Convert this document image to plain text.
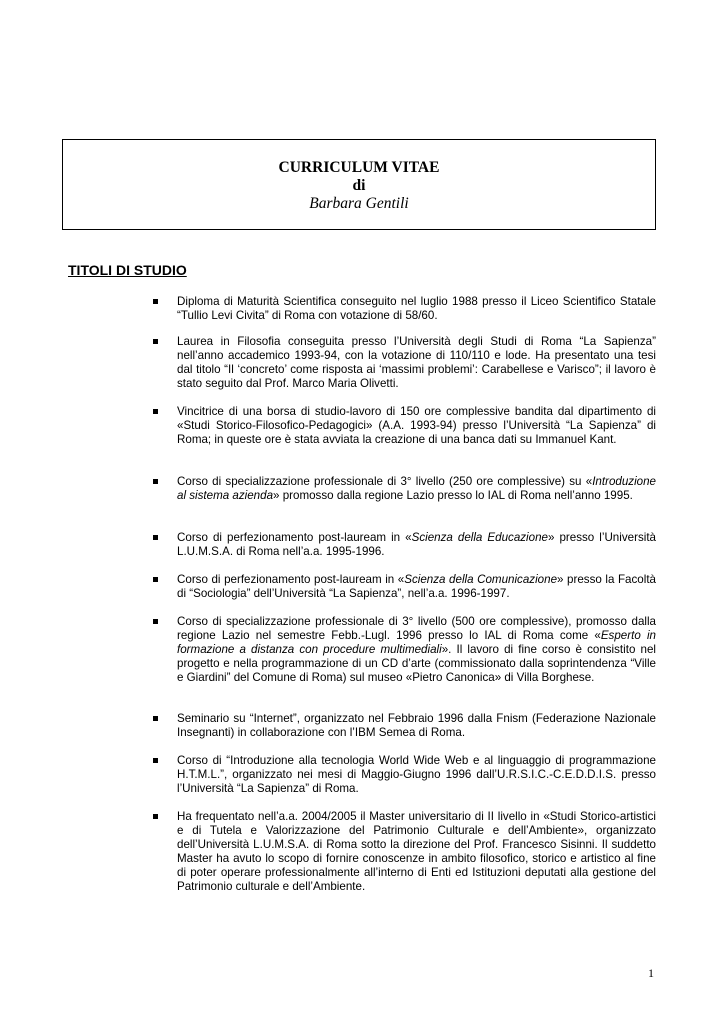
CURRICULUM VITAE
di
Barbara Gentili
TITOLI DI STUDIO
Diploma di Maturità Scientifica conseguito nel luglio 1988 presso il Liceo Scientifico Statale “Tullio Levi Civita” di Roma con votazione di 58/60.
Laurea in Filosofia conseguita presso l’Università degli Studi di Roma “La Sapienza” nell’anno accademico 1993-94, con la votazione di 110/110 e lode. Ha presentato una tesi dal titolo “Il ‘concreto’ come risposta ai ‘massimi problemi’: Carabellese e Varisco”; il lavoro è stato seguito dal Prof. Marco Maria Olivetti.
Vincitrice di una borsa di studio-lavoro di 150 ore complessive bandita dal dipartimento di «Studi Storico-Filosofico-Pedagogici» (A.A. 1993-94) presso l’Università “La Sapienza” di Roma; in queste ore è stata avviata la creazione di una banca dati su Immanuel Kant.
Corso di specializzazione professionale di 3° livello (250 ore complessive) su «Introduzione al sistema azienda» promosso dalla regione Lazio presso lo IAL di Roma nell’anno 1995.
Corso di perfezionamento post-lauream in «Scienza della Educazione» presso l’Università L.U.M.S.A. di Roma nell’a.a. 1995-1996.
Corso di perfezionamento post-lauream in «Scienza della Comunicazione» presso la Facoltà di “Sociologia” dell’Università “La Sapienza”, nell’a.a. 1996-1997.
Corso di specializzazione professionale di 3° livello (500 ore complessive), promosso dalla regione Lazio nel semestre Febb.-Lugl. 1996 presso lo IAL di Roma come «Esperto in formazione a distanza con procedure multimediali». Il lavoro di fine corso è consistito nel progetto e nella programmazione di un CD d’arte (commissionato dalla soprintendenza “Ville e Giardini” del Comune di Roma) sul museo «Pietro Canonica» di Villa Borghese.
Seminario su “Internet”, organizzato nel Febbraio 1996 dalla Fnism (Federazione Nazionale Insegnanti) in collaborazione con l’IBM Semea di Roma.
Corso di “Introduzione alla tecnologia World Wide Web e al linguaggio di programmazione H.T.M.L.”, organizzato nei mesi di Maggio-Giugno 1996 dall’U.R.S.I.C.-C.E.D.D.I.S. presso l’Università “La Sapienza” di Roma.
Ha frequentato nell’a.a. 2004/2005 il Master universitario di II livello in «Studi Storico-artistici e di Tutela e Valorizzazione del Patrimonio Culturale e dell’Ambiente», organizzato dell’Università L.U.M.S.A. di Roma sotto la direzione del Prof. Francesco Sisinni. Il suddetto Master ha avuto lo scopo di fornire conoscenze in ambito filosofico, storico e artistico al fine di poter operare professionalmente all’interno di Enti ed Istituzioni deputati alla gestione del Patrimonio culturale e dell’Ambiente.
1
